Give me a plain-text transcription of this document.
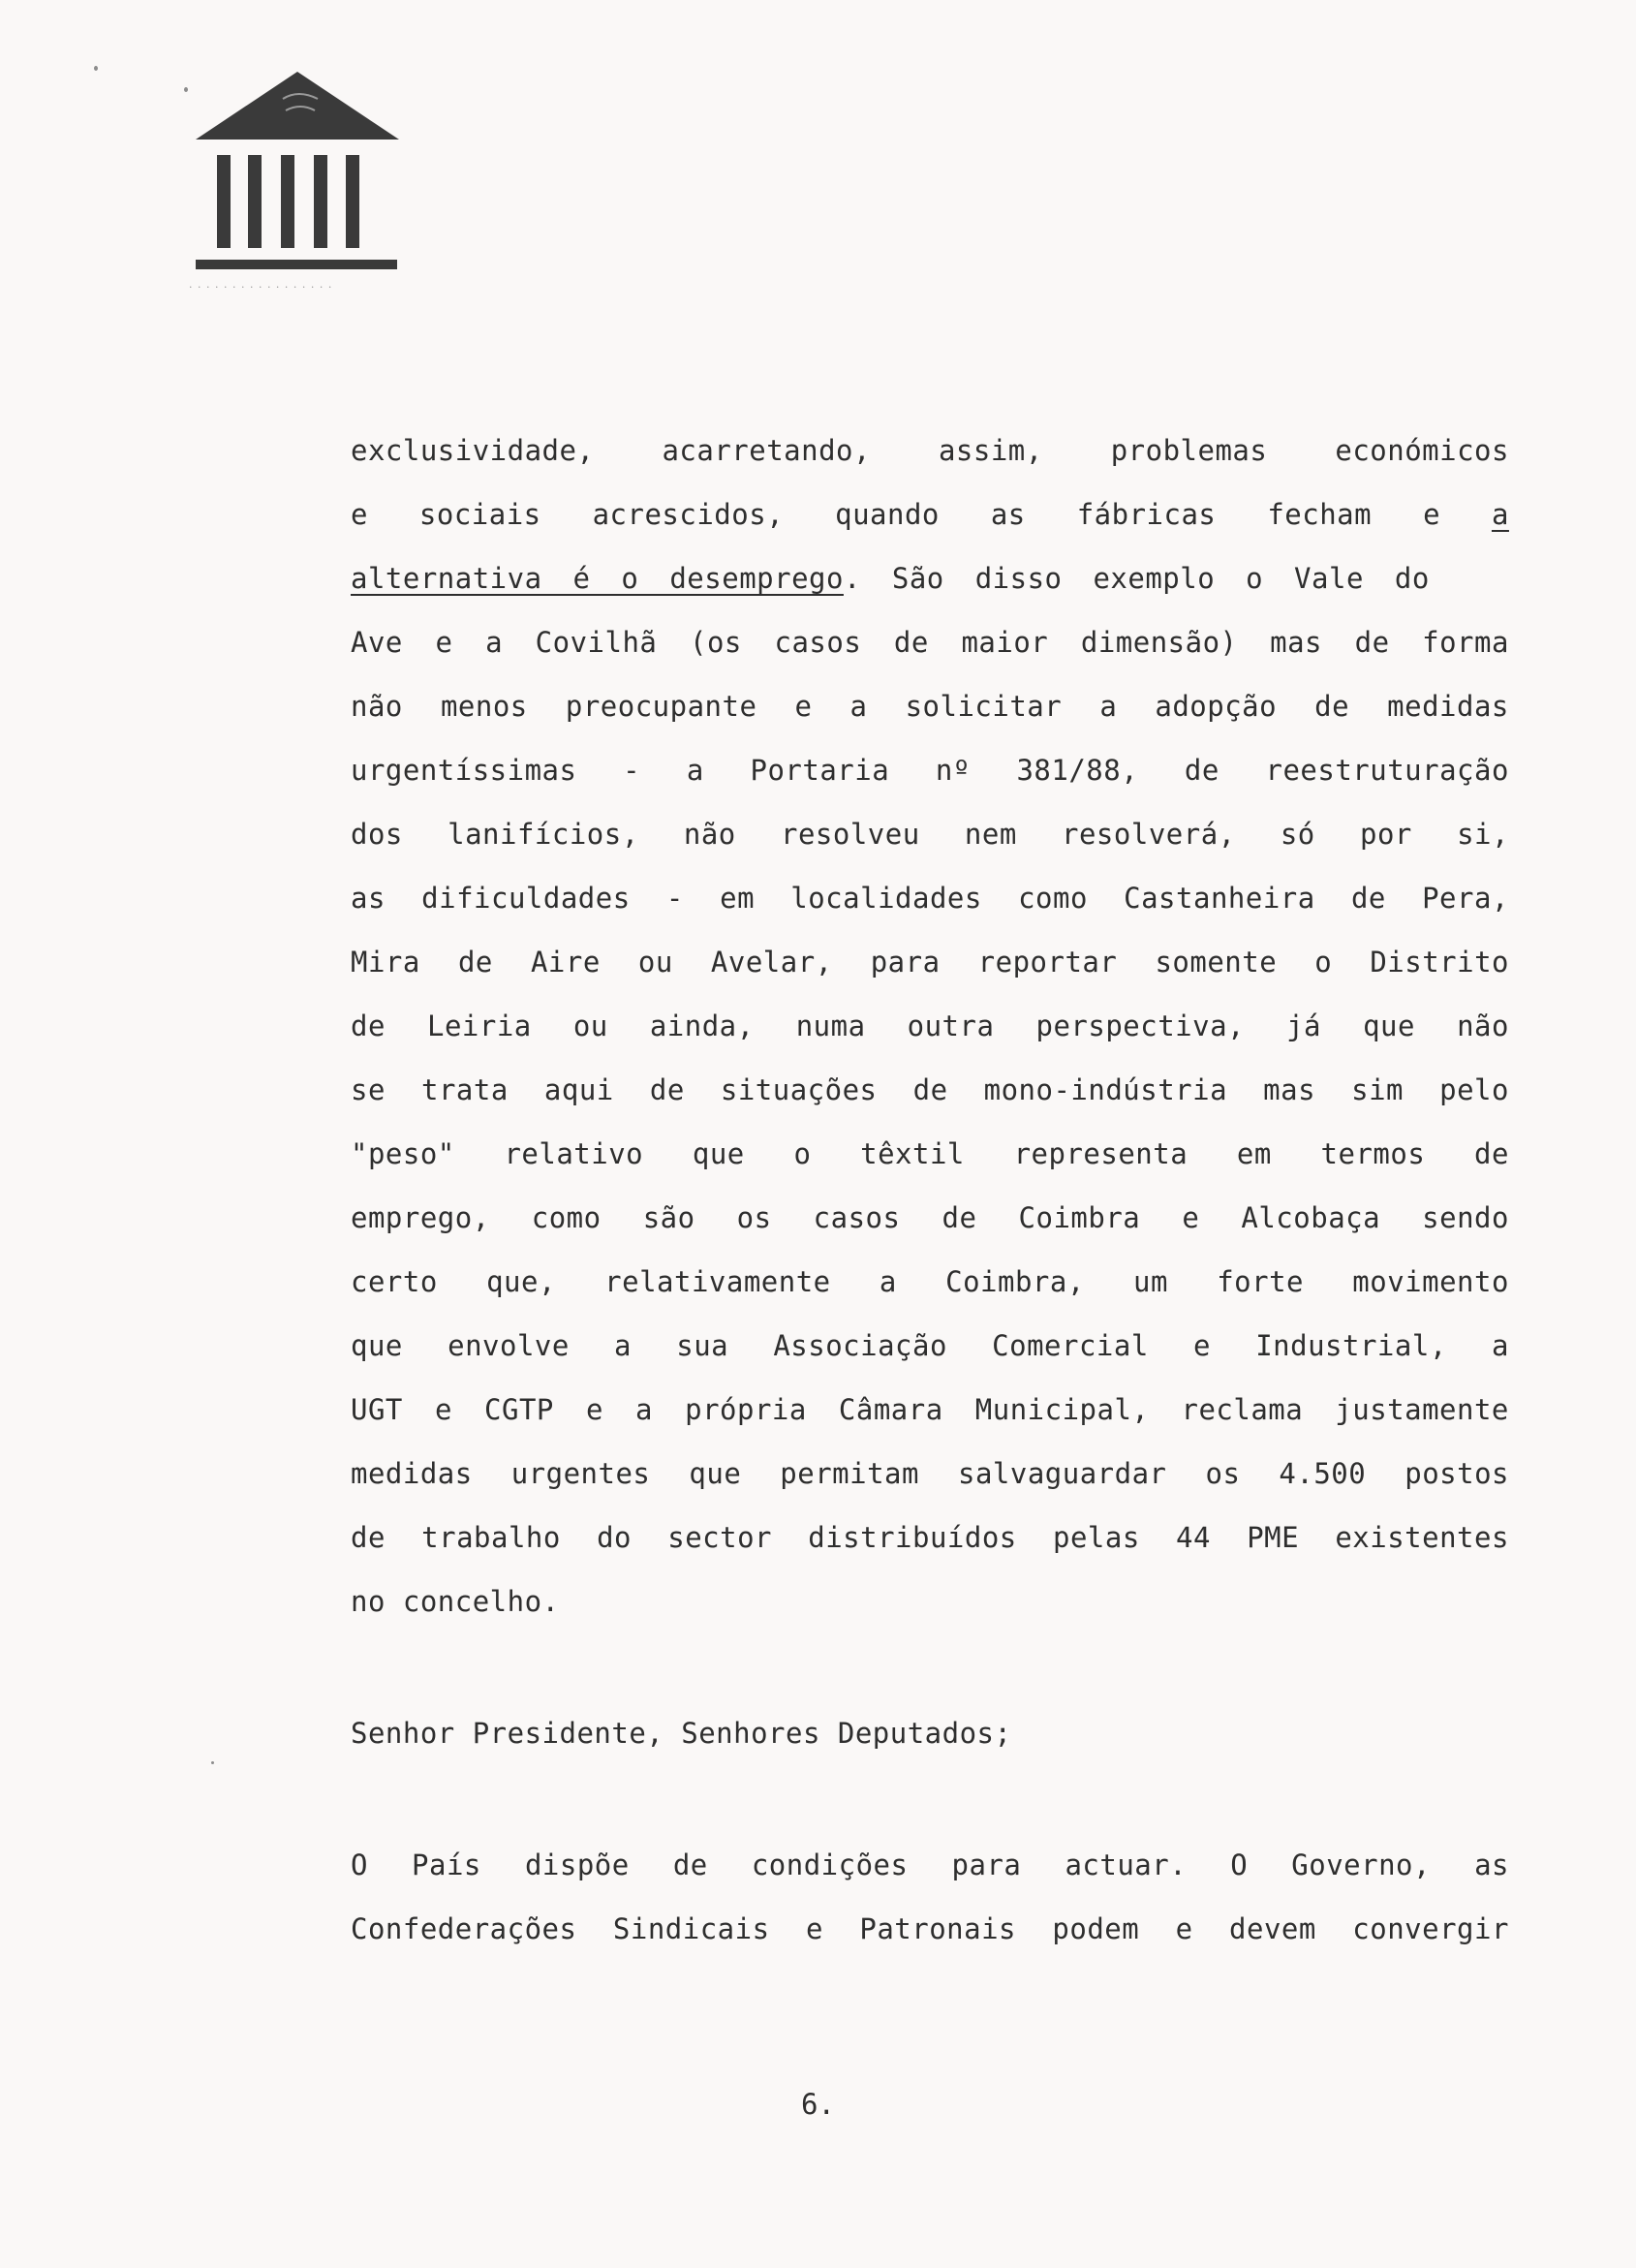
· · · · · · · · · · · · · · · · ·
exclusividade, acarretando, assim, problemas económicos
e sociais acrescidos, quando as fábricas fecham e a
alternativa é o desemprego . São disso exemplo o Vale do
Ave e a Covilhã (os casos de maior dimensão) mas de forma
não menos preocupante e a solicitar a adopção de medidas
urgentíssimas - a Portaria nº 381/88, de reestruturação
dos lanifícios, não resolveu nem resolverá, só por si,
as dificuldades - em localidades como Castanheira de Pera,
Mira de Aire ou Avelar, para reportar somente o Distrito
de Leiria ou ainda, numa outra perspectiva, já que não
se trata aqui de situações de mono-indústria mas sim pelo
"peso" relativo que o têxtil representa em termos de
emprego, como são os casos de Coimbra e Alcobaça sendo
certo que, relativamente a Coimbra, um forte movimento
que envolve a sua Associação Comercial e Industrial, a
UGT e CGTP e a própria Câmara Municipal, reclama justamente
medidas urgentes que permitam salvaguardar os 4.500 postos
de trabalho do sector distribuídos pelas 44 PME existentes
no concelho.
Senhor Presidente, Senhores Deputados;
O País dispõe de condições para actuar. O Governo, as
Confederações Sindicais e Patronais podem e devem convergir
6.
